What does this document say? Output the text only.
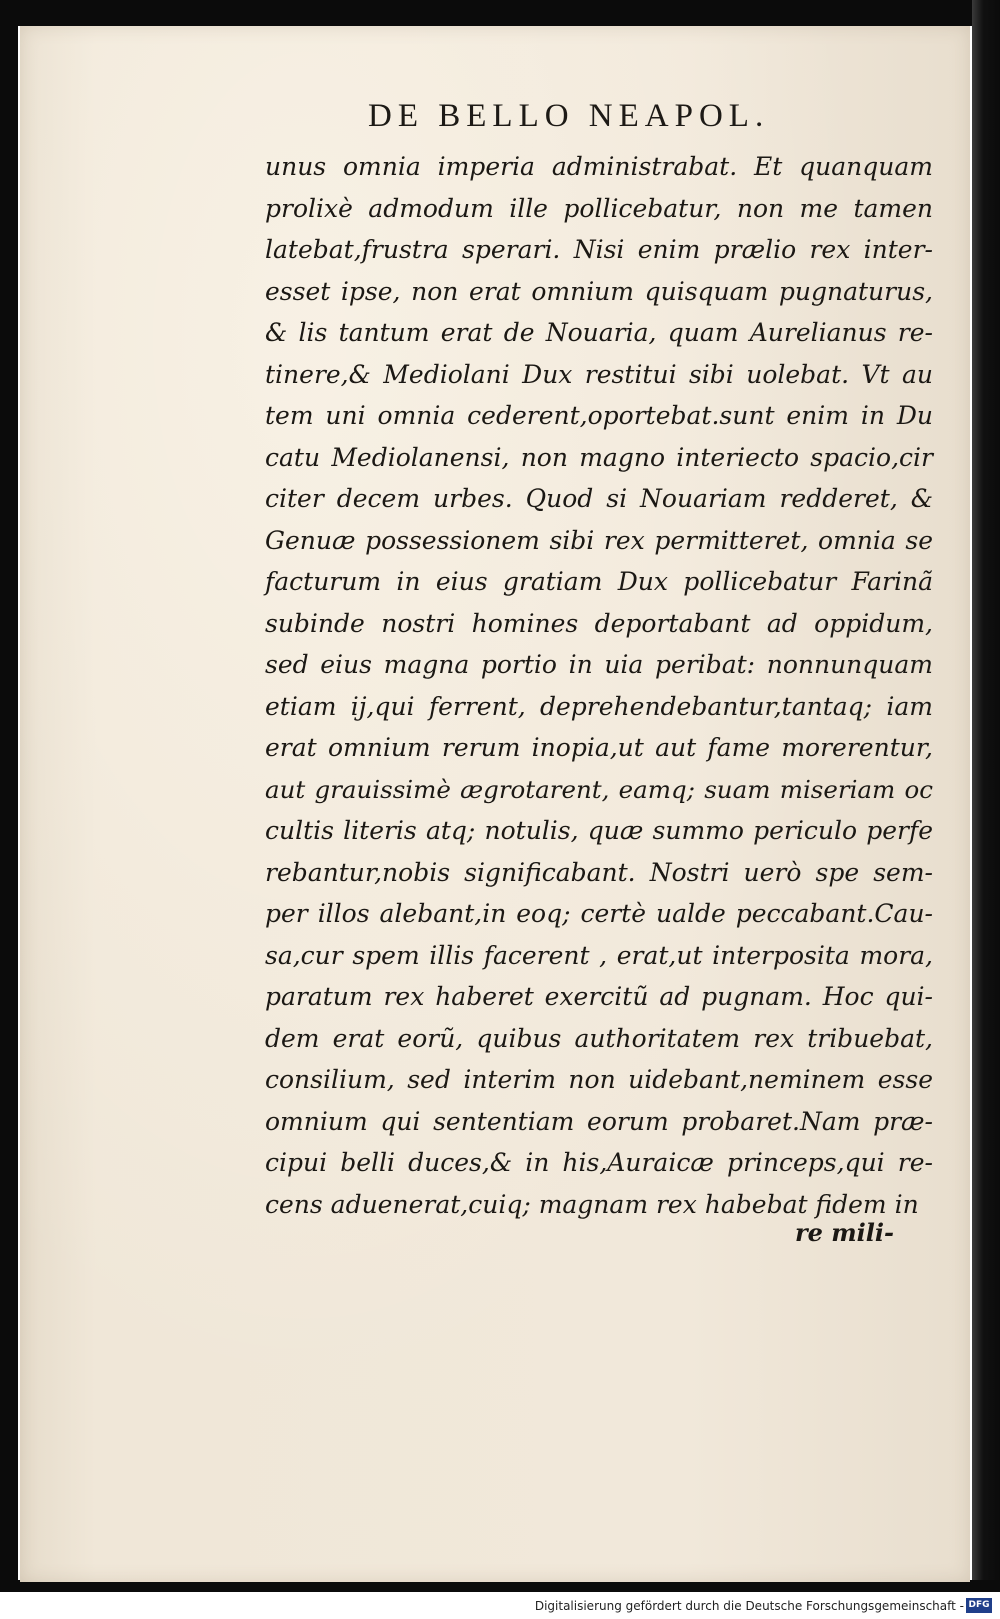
DE BELLO NEAPOL.
unus omnia imperia administrabat. Et quanquam
prolixè admodum ille pollicebatur, non me tamen
latebat,frustra sperari. Nisi enim prælio rex inter-
esset ipse, non erat omnium quisquam pugnaturus,
& lis tantum erat de Nouaria, quam Aurelianus re-
tinere,& Mediolani Dux restitui sibi uolebat. Vt au
tem uni omnia cederent,oportebat.sunt enim in Du
catu Mediolanensi, non magno interiecto spacio,cir
citer decem urbes. Quod si Nouariam redderet, &
Genuæ possessionem sibi rex permitteret, omnia se
facturum in eius gratiam Dux pollicebatur Farinã
subinde nostri homines deportabant ad oppidum,
sed eius magna portio in uia peribat: nonnunquam
etiam ij,qui ferrent, deprehendebantur,tantaq; iam
erat omnium rerum inopia,ut aut fame morerentur,
aut grauissimè ægrotarent, eamq; suam miseriam oc
cultis literis atq; notulis, quæ summo periculo perfe
rebantur,nobis significabant. Nostri uerò spe sem-
per illos alebant,in eoq; certè ualde peccabant.Cau-
sa,cur spem illis facerent , erat,ut interposita mora,
paratum rex haberet exercitũ ad pugnam. Hoc qui-
dem erat eorũ, quibus authoritatem rex tribuebat,
consilium, sed interim non uidebant,neminem esse
omnium qui sententiam eorum probaret.Nam præ-
cipui belli duces,& in his,Auraicæ princeps,qui re-
cens aduenerat,cuiq; magnam rex habebat fidem in
re mili-
Digitalisierung gefördert durch die Deutsche Forschungsgemeinschaft - DFG
